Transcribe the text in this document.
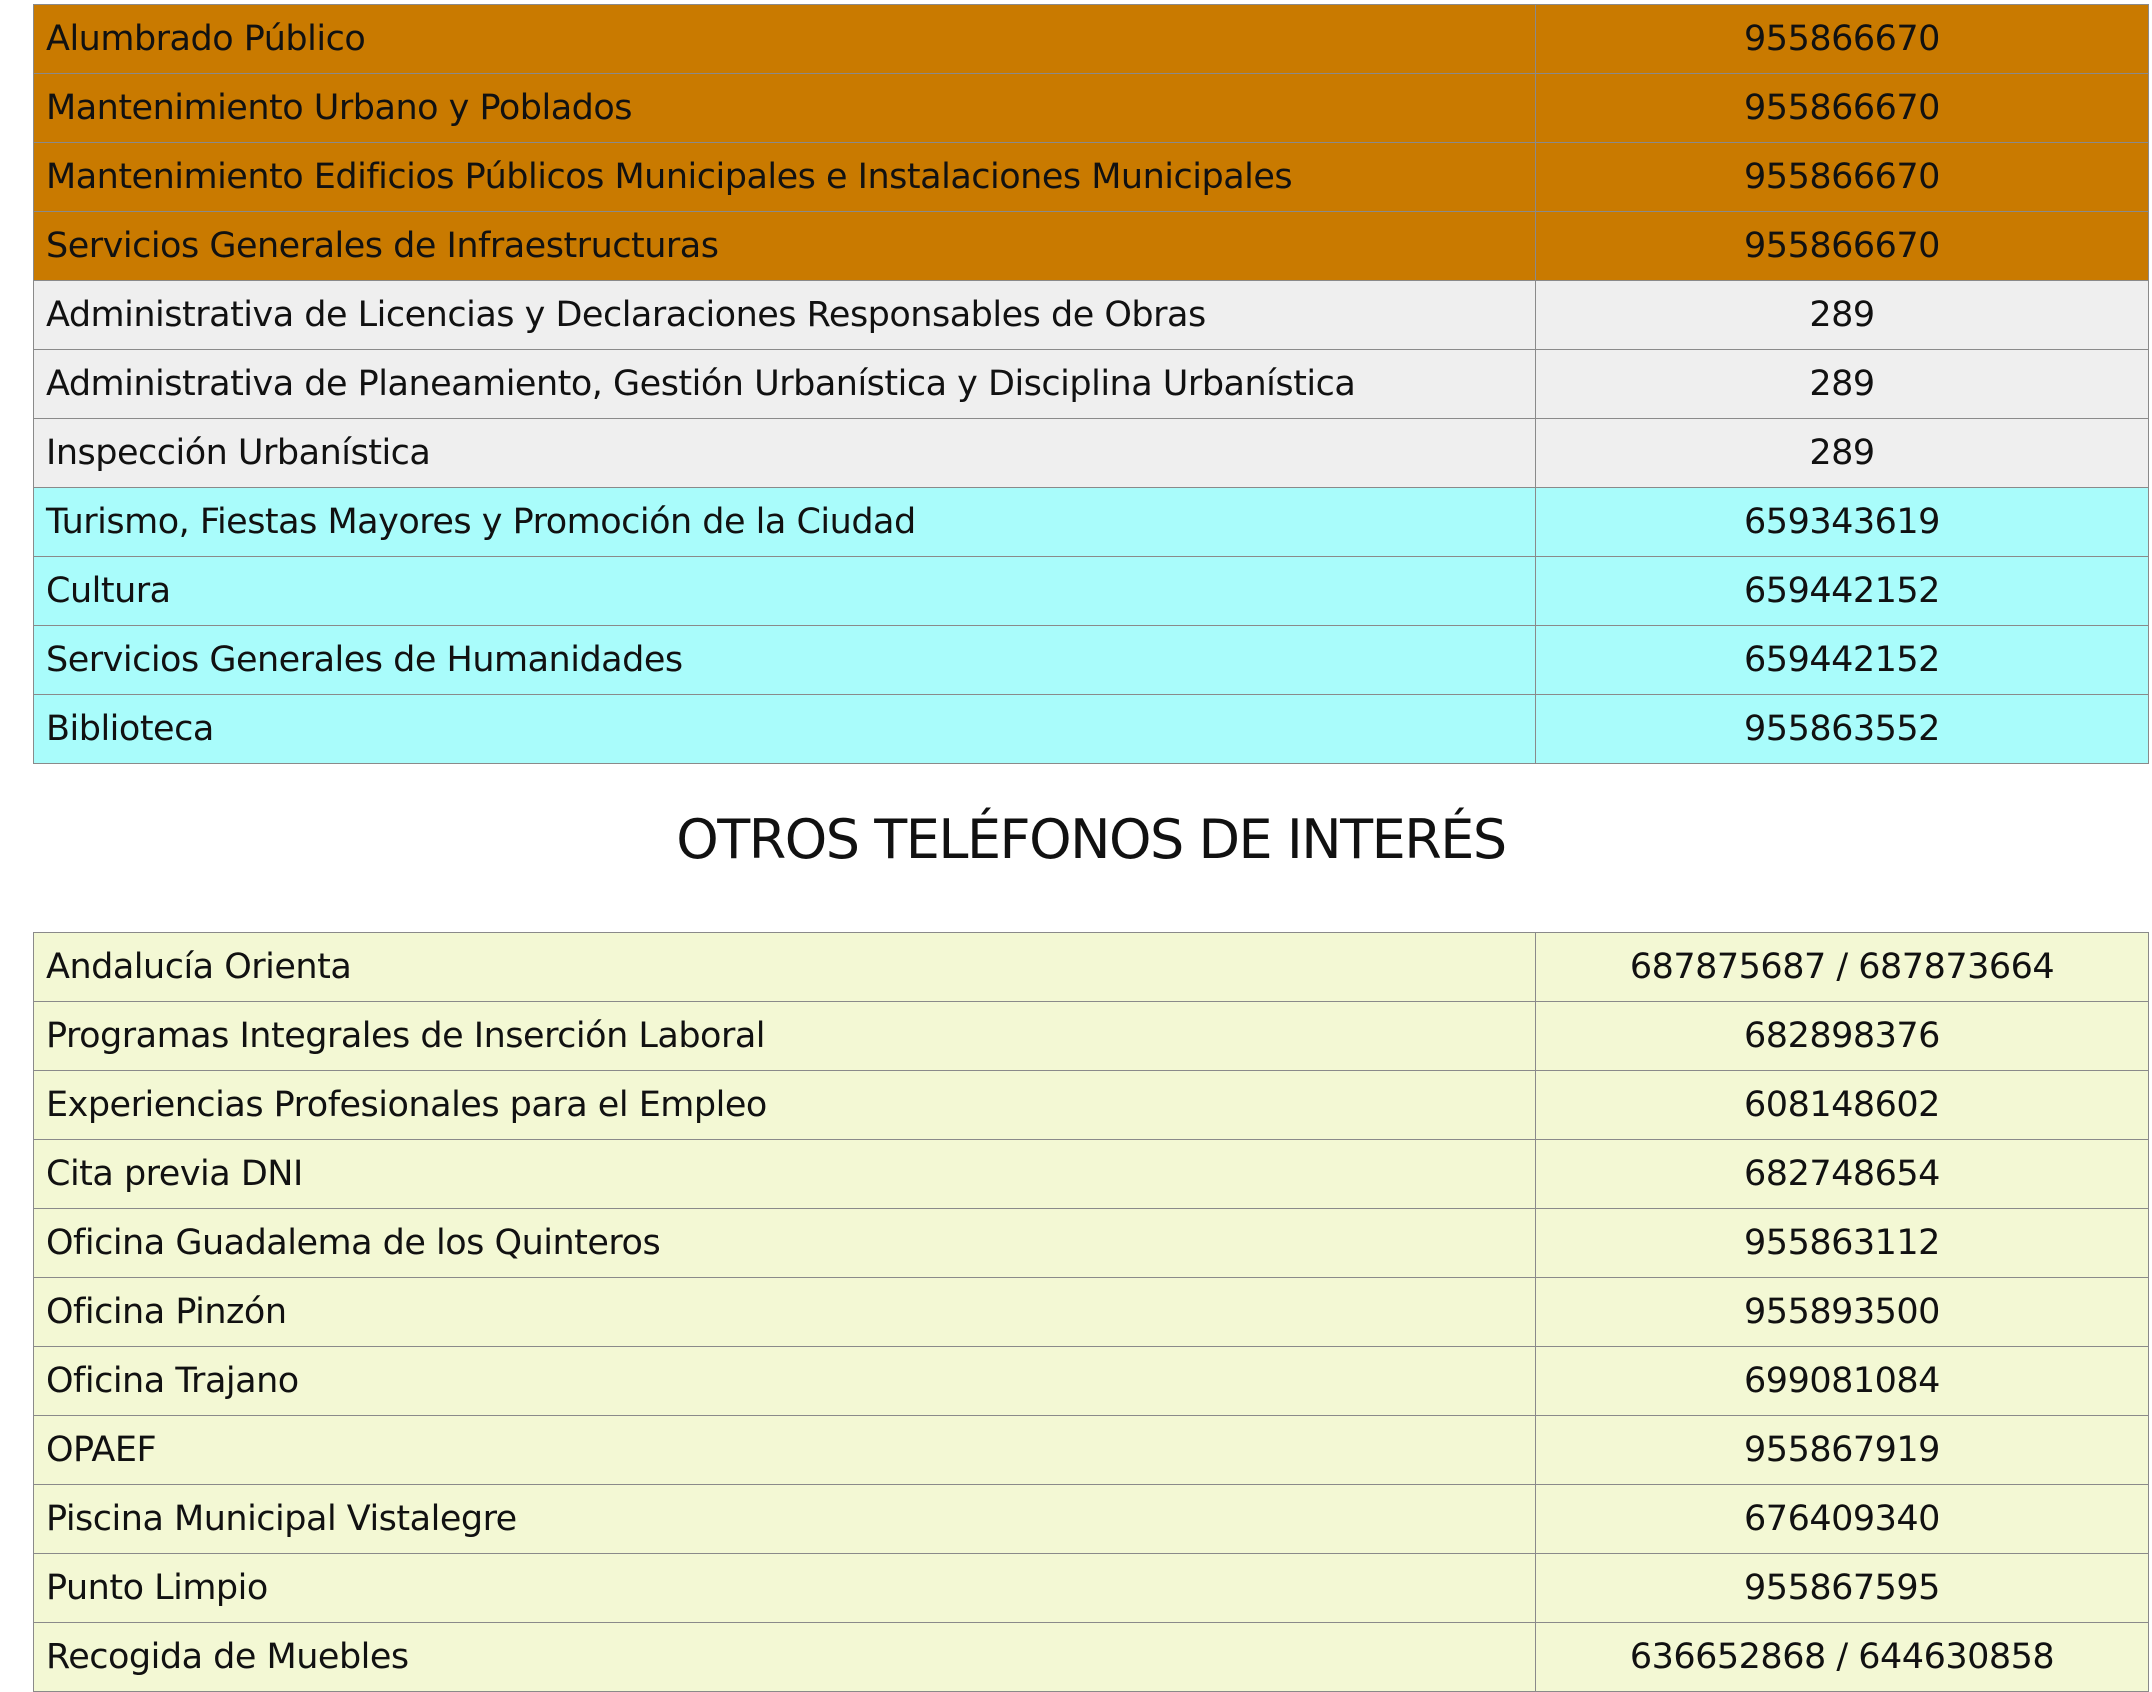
Alumbrado Público	955866670
Mantenimiento Urbano y Poblados	955866670
Mantenimiento Edificios Públicos Municipales e Instalaciones Municipales	955866670
Servicios Generales de Infraestructuras	955866670
Administrativa de Licencias y Declaraciones Responsables de Obras	289
Administrativa de Planeamiento, Gestión Urbanística y Disciplina Urbanística	289
Inspección Urbanística	289
Turismo, Fiestas Mayores y Promoción de la Ciudad	659343619
Cultura	659442152
Servicios Generales de Humanidades	659442152
Biblioteca	955863552
OTROS TELÉFONOS DE INTERÉS
Andalucía Orienta	687875687 / 687873664
Programas Integrales de Inserción Laboral	682898376
Experiencias Profesionales para el Empleo	608148602
Cita previa DNI	682748654
Oficina Guadalema de los Quinteros	955863112
Oficina Pinzón	955893500
Oficina Trajano	699081084
OPAEF	955867919
Piscina Municipal Vistalegre	676409340
Punto Limpio	955867595
Recogida de Muebles	636652868 / 644630858
